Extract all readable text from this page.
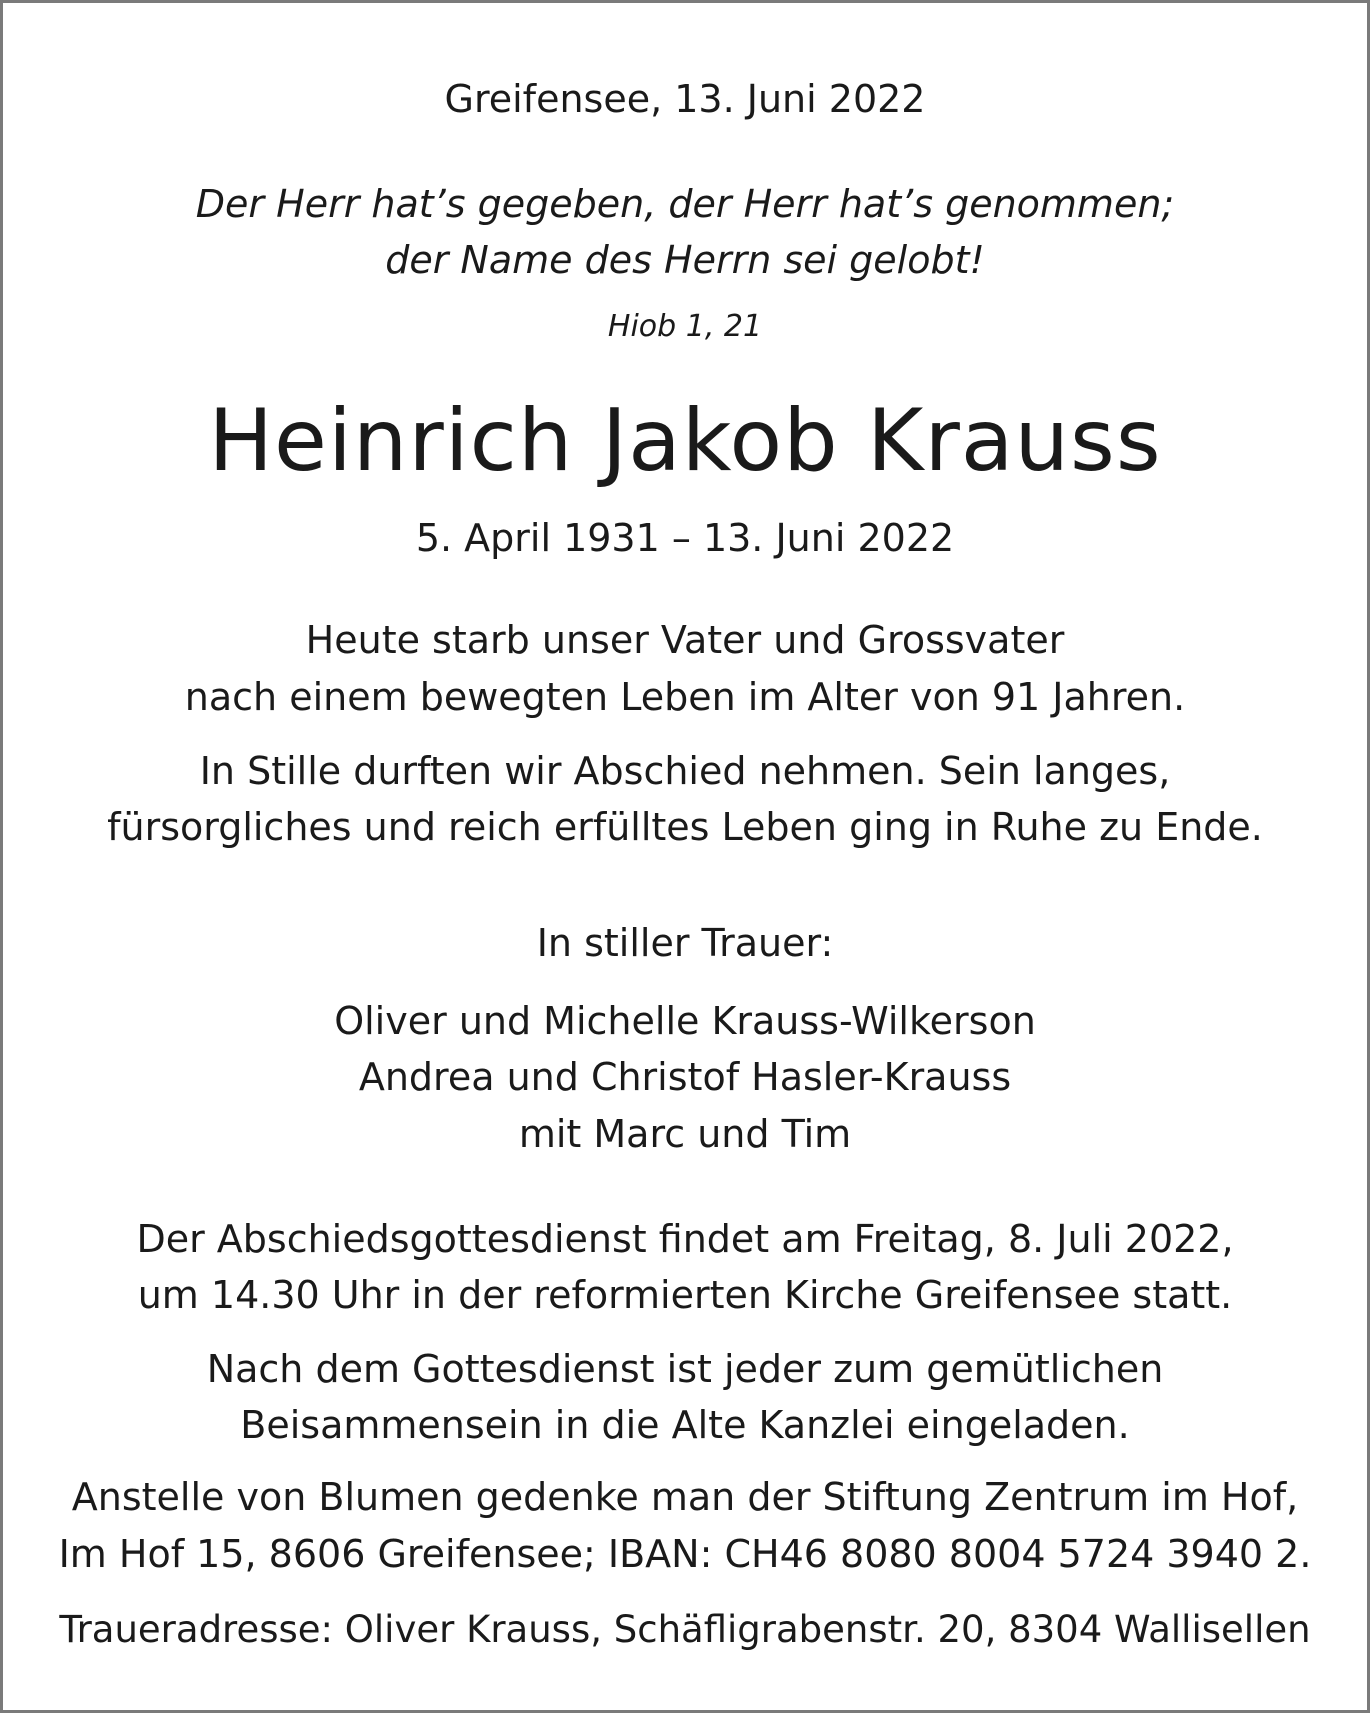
Greifensee, 13. Juni 2022
Der Herr hat’s gegeben, der Herr hat’s genommen;
der Name des Herrn sei gelobt!
Hiob 1, 21
Heinrich Jakob Krauss
5. April 1931 – 13. Juni 2022
Heute starb unser Vater und Grossvater
nach einem bewegten Leben im Alter von 91 Jahren.
In Stille durften wir Abschied nehmen. Sein langes,
fürsorgliches und reich erfülltes Leben ging in Ruhe zu Ende.
In stiller Trauer:
Oliver und Michelle Krauss-Wilkerson
Andrea und Christof Hasler-Krauss
mit Marc und Tim
Der Abschiedsgottesdienst findet am Freitag, 8. Juli 2022,
um 14.30 Uhr in der reformierten Kirche Greifensee statt.
Nach dem Gottesdienst ist jeder zum gemütlichen
Beisammensein in die Alte Kanzlei eingeladen.
Anstelle von Blumen gedenke man der Stiftung Zentrum im Hof,
Im Hof 15, 8606 Greifensee; IBAN: CH46 8080 8004 5724 3940 2.
Traueradresse: Oliver Krauss, Schäfligrabenstr. 20, 8304 Wallisellen
